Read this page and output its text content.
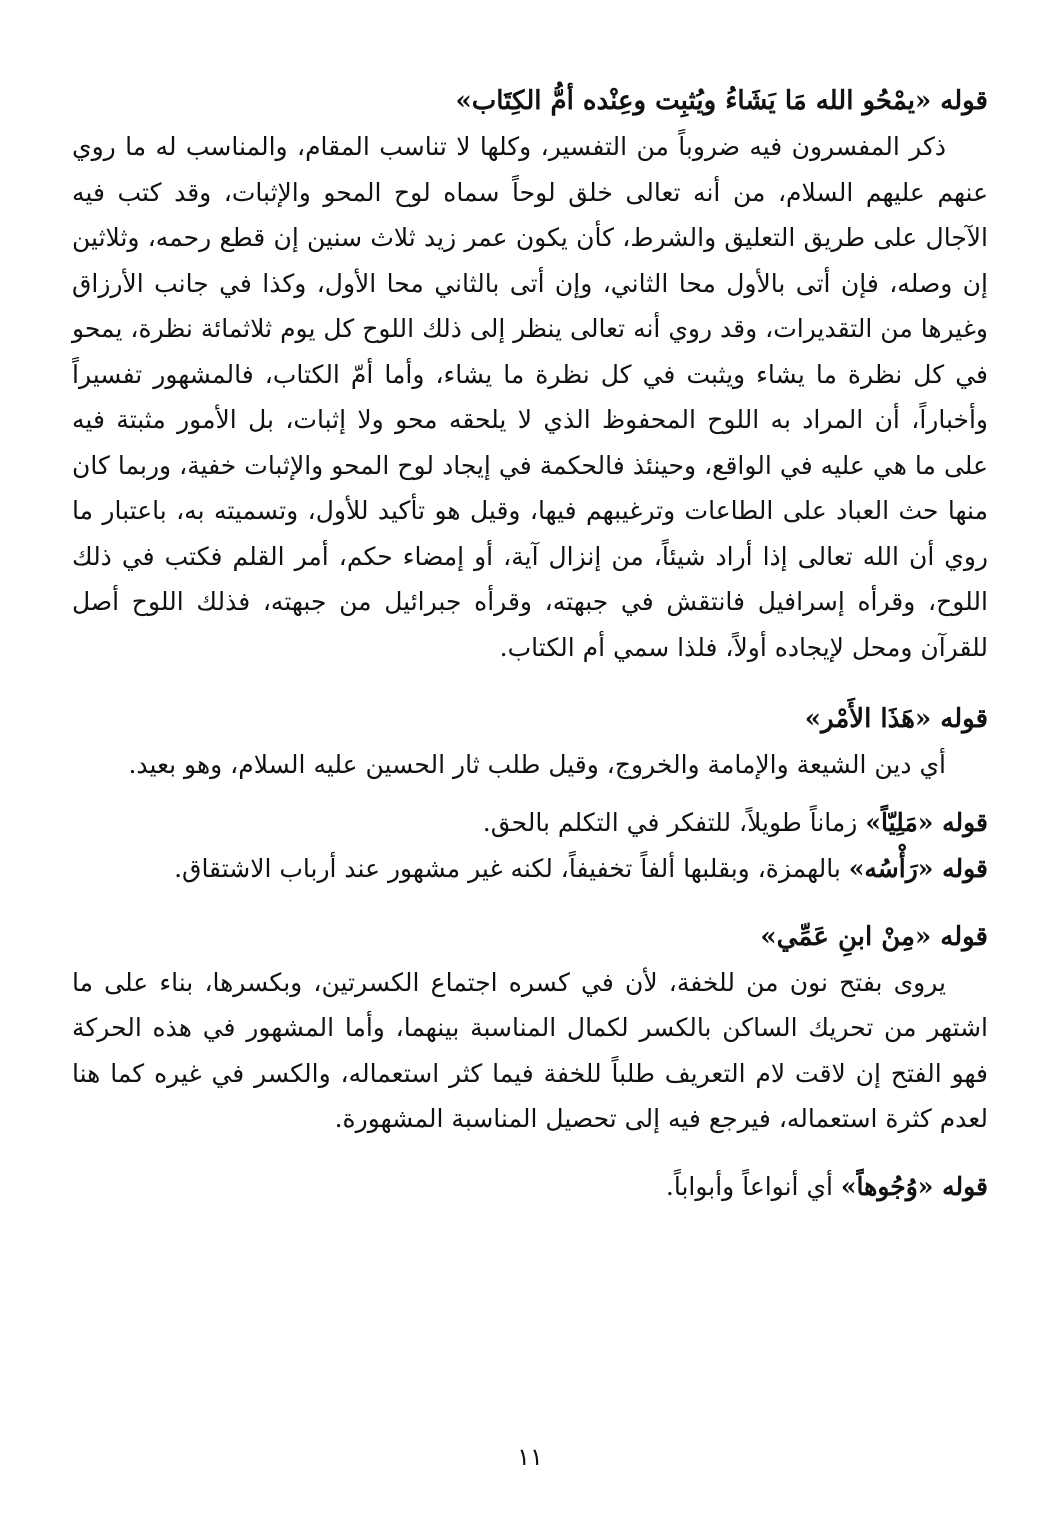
قوله «يمْحُو الله مَا يَشَاءُ ويُثبِت وعِنْده أمُّ الكِتَاب»

ذكر المفسرون فيه ضروباً من التفسير، وكلها لا تناسب المقام، والمناسب له ما روي عنهم عليهم السلام، من أنه تعالى خلق لوحاً سماه لوح المحو والإثبات، وقد كتب فيه الآجال على طريق التعليق والشرط، كأن يكون عمر زيد ثلاث سنين إن قطع رحمه، وثلاثين إن وصله، فإن أتى بالأول محا الثاني، وإن أتى بالثاني محا الأول، وكذا في جانب الأرزاق وغيرها من التقديرات، وقد روي أنه تعالى ينظر إلى ذلك اللوح كل يوم ثلاثمائة نظرة، يمحو في كل نظرة ما يشاء ويثبت في كل نظرة ما يشاء، وأما أمّ الكتاب، فالمشهور تفسيراً وأخباراً، أن المراد به اللوح المحفوظ الذي لا يلحقه محو ولا إثبات، بل الأمور مثبتة فيه على ما هي عليه في الواقع، وحينئذ فالحكمة في إيجاد لوح المحو والإثبات خفية، وربما كان منها حث العباد على الطاعات وترغيبهم فيها، وقيل هو تأكيد للأول، وتسميته به، باعتبار ما روي أن الله تعالى إذا أراد شيئاً، من إنزال آية، أو إمضاء حكم، أمر القلم فكتب في ذلك اللوح، وقرأه إسرافيل فانتقش في جبهته، وقرأه جبرائيل من جبهته، فذلك اللوح أصل للقرآن ومحل لإيجاده أولاً، فلذا سمي أم الكتاب.

قوله «هَذَا الأَمْر»

أي دين الشيعة والإمامة والخروج، وقيل طلب ثار الحسين عليه السلام، وهو بعيد.

قوله «مَلِيّاً» زماناً طويلاً، للتفكر في التكلم بالحق.

قوله «رَأْسُه» بالهمزة، وبقلبها ألفاً تخفيفاً، لكنه غير مشهور عند أرباب الاشتقاق.

قوله «مِنْ ابنِ عَمِّي»

يروى بفتح نون من للخفة، لأن في كسره اجتماع الكسرتين، وبكسرها، بناء على ما اشتهر من تحريك الساكن بالكسر لكمال المناسبة بينهما، وأما المشهور في هذه الحركة فهو الفتح إن لاقت لام التعريف طلباً للخفة فيما كثر استعماله، والكسر في غيره كما هنا لعدم كثرة استعماله، فيرجع فيه إلى تحصيل المناسبة المشهورة.

قوله «وُجُوهاً» أي أنواعاً وأبواباً.

١١
